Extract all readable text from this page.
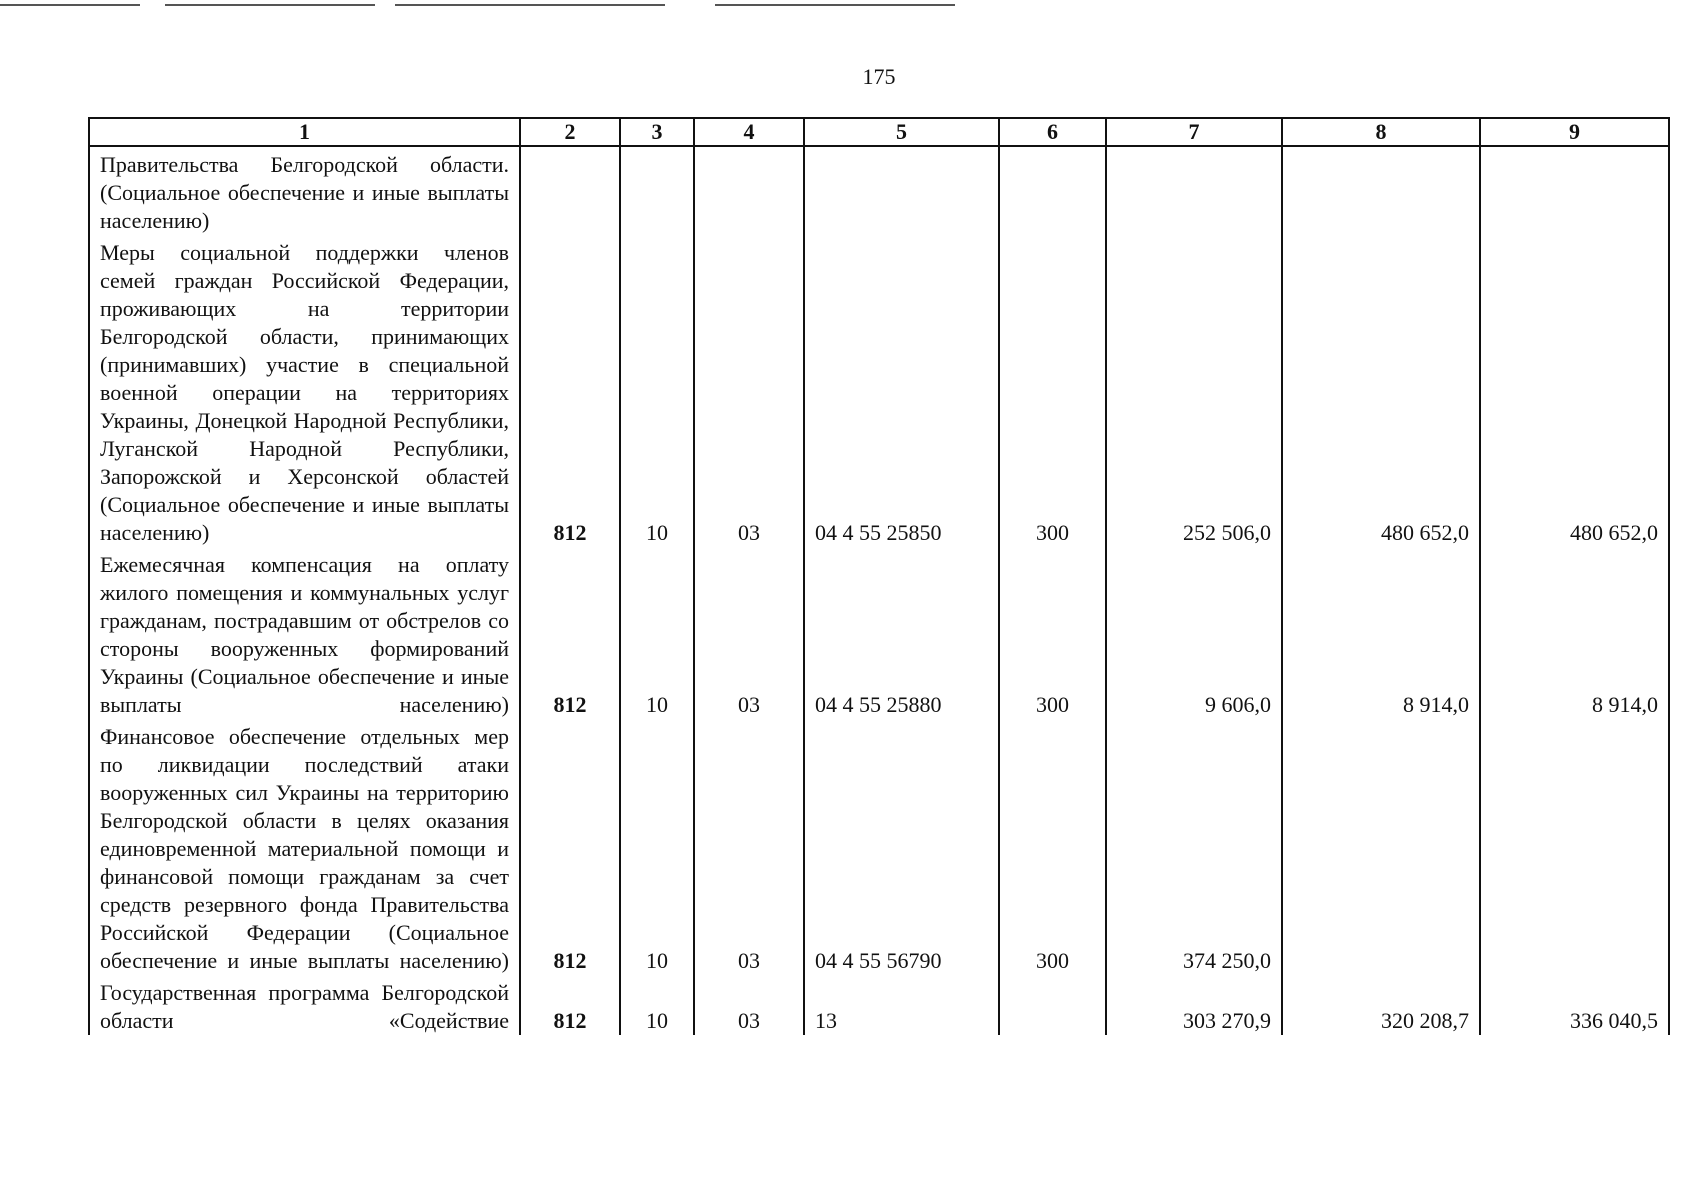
175
1	2	3	4	5	6	7	8	9
Правительства Белгородской области. (Социальное обеспечение и иные выплаты населению)								
Меры социальной поддержки членов семей граждан Российской Федерации, проживающих на территории Белгородской области, принимающих (принимавших) участие в специальной военной операции на территориях Украины, Донецкой Народной Республики, Луганской Народной Республики, Запорожской и Херсонской областей (Социальное обеспечение и иные выплаты населению)	812	10	03	04 4 55 25850	300	252 506,0	480 652,0	480 652,0
Ежемесячная компенсация на оплату жилого помещения и коммунальных услуг гражданам, пострадавшим от обстрелов со стороны вооруженных формирований Украины (Социальное обеспечение и иные выплаты населению)	812	10	03	04 4 55 25880	300	9 606,0	8 914,0	8 914,0
Финансовое обеспечение отдельных мер по ликвидации последствий атаки вооруженных сил Украины на территорию Белгородской области в целях оказания единовременной материальной помощи и финансовой помощи гражданам за счет средств резервного фонда Правительства Российской Федерации (Социальное обеспечение и иные выплаты населению)	812	10	03	04 4 55 56790	300	374 250,0		
Государственная программа Белгородской области «Содействие	812	10	03	13		303 270,9	320 208,7	336 040,5
